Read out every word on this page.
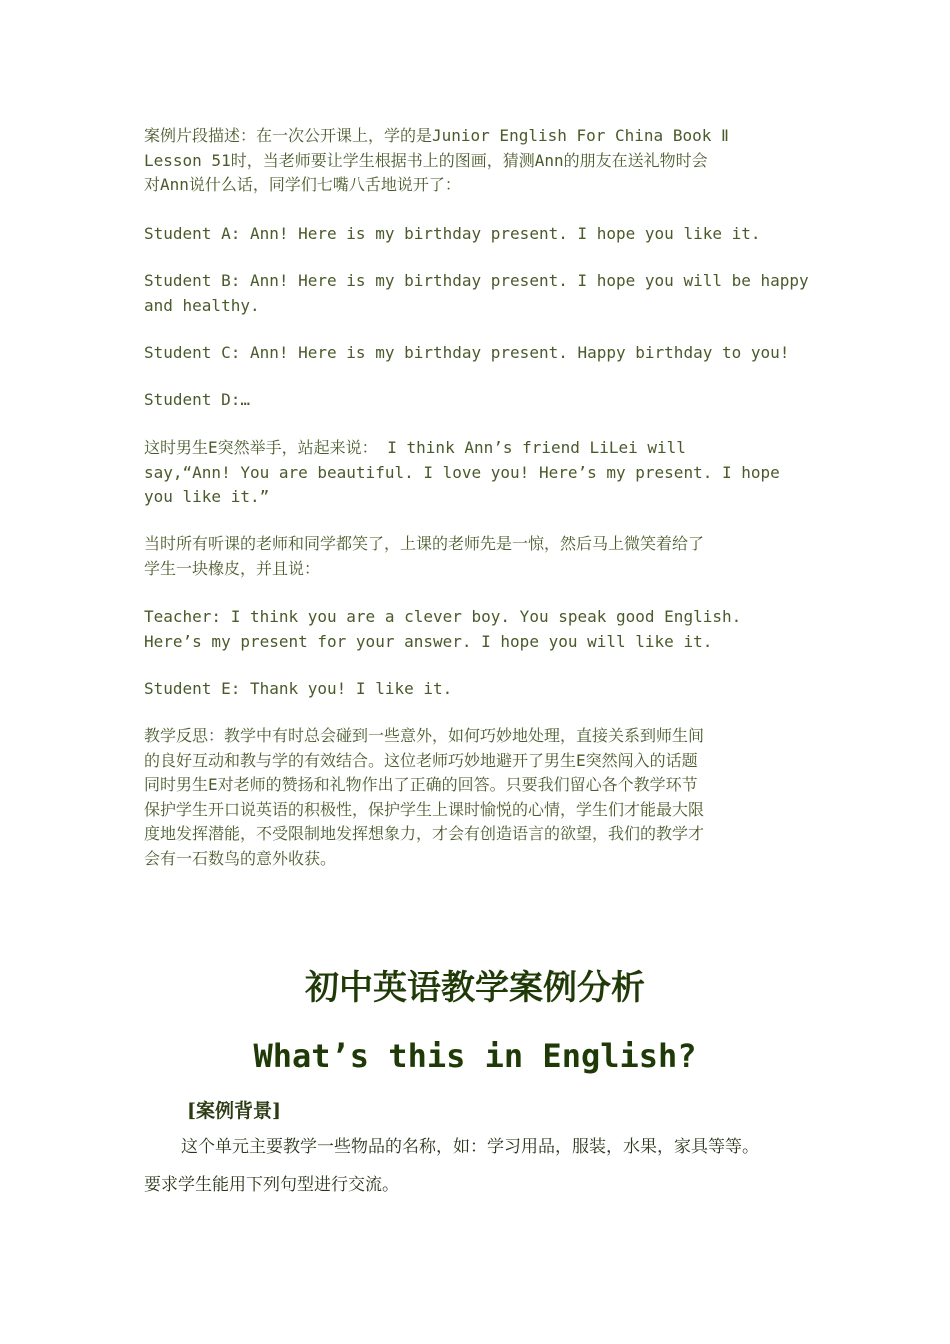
案例片段描述：在一次公开课上，学的是Junior English For China Book Ⅱ
Lesson 51时，当老师要让学生根据书上的图画，猜测Ann的朋友在送礼物时会
对Ann说什么话，同学们七嘴八舌地说开了：
Student A: Ann! Here is my birthday present. I hope you like it.
Student B: Ann! Here is my birthday present. I hope you will be happy
and healthy.
Student C: Ann! Here is my birthday present. Happy birthday to you!
Student D:…
这时男生E突然举手，站起来说： I think Ann’s friend LiLei will
say,“Ann! You are beautiful. I love you! Here’s my present. I hope
you like it.”
当时所有听课的老师和同学都笑了，上课的老师先是一惊，然后马上微笑着给了
学生一块橡皮，并且说：
Teacher: I think you are a clever boy. You speak good English.
Here’s my present for your answer. I hope you will like it.
Student E: Thank you! I like it.
教学反思：教学中有时总会碰到一些意外，如何巧妙地处理，直接关系到师生间
的良好互动和教与学的有效结合。这位老师巧妙地避开了男生E突然闯入的话题
同时男生E对老师的赞扬和礼物作出了正确的回答。只要我们留心各个教学环节
保护学生开口说英语的积极性，保护学生上课时愉悦的心情，学生们才能最大限
度地发挥潜能，不受限制地发挥想象力，才会有创造语言的欲望，我们的教学才
会有一石数鸟的意外收获。
初中英语教学案例分析
What’s this in English?
[案例背景]
这个单元主要教学一些物品的名称，如：学习用品，服装，水果，家具等等。
要求学生能用下列句型进行交流。
